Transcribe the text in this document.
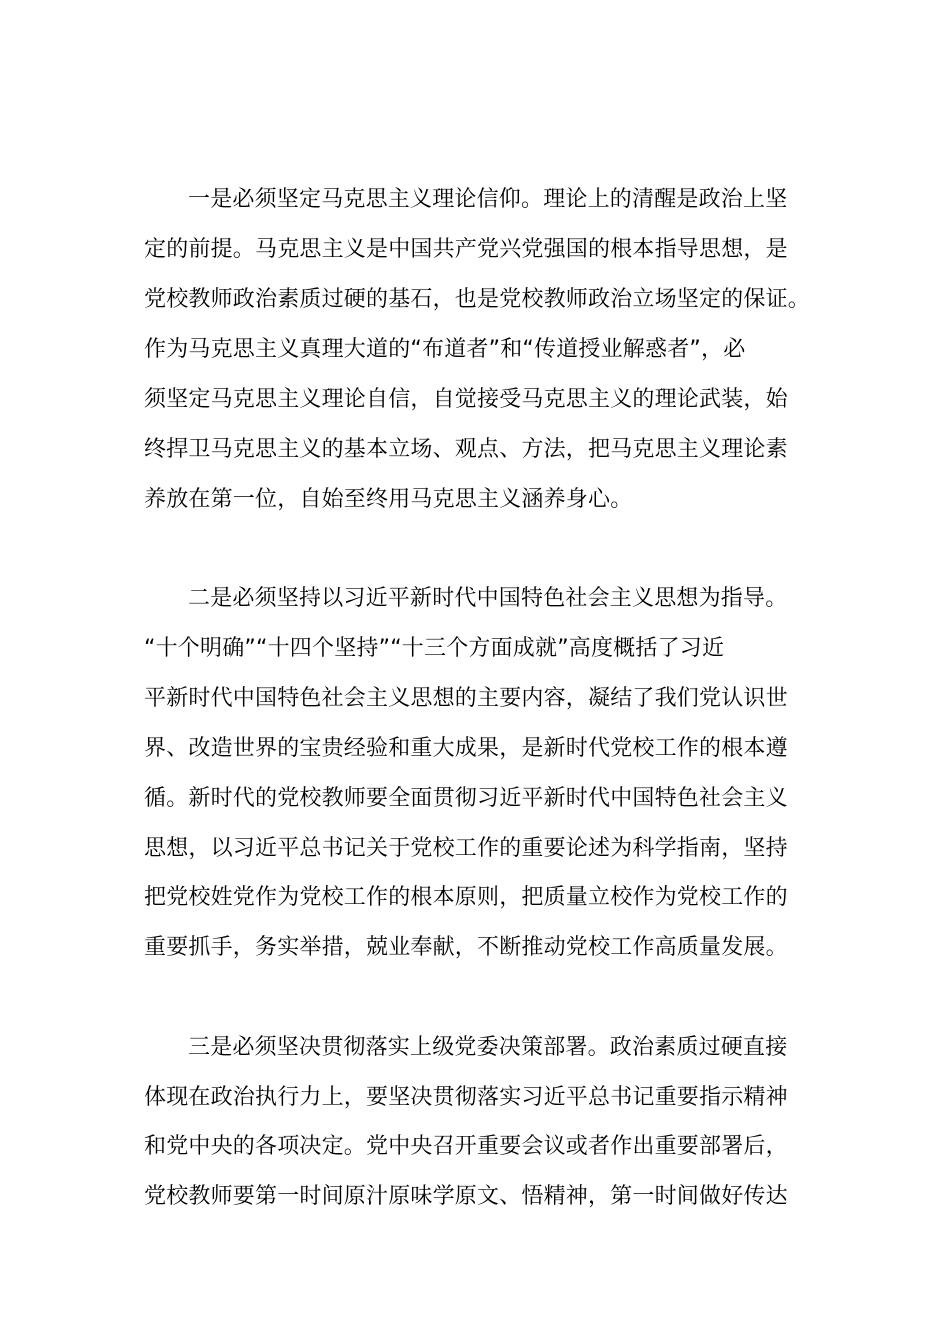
一是必须坚定马克思主义理论信仰。理论上的清醒是政治上坚
定的前提。马克思主义是中国共产党兴党强国的根本指导思想，是
党校教师政治素质过硬的基石，也是党校教师政治立场坚定的保证。
作为马克思主义真理大道的“布道者”和“传道授业解惑者”，必
须坚定马克思主义理论自信，自觉接受马克思主义的理论武装，始
终捍卫马克思主义的基本立场、观点、方法，把马克思主义理论素
养放在第一位，自始至终用马克思主义涵养身心。
二是必须坚持以习近平新时代中国特色社会主义思想为指导。
“十个明确”“十四个坚持”“十三个方面成就”高度概括了习近
平新时代中国特色社会主义思想的主要内容，凝结了我们党认识世
界、改造世界的宝贵经验和重大成果，是新时代党校工作的根本遵
循。新时代的党校教师要全面贯彻习近平新时代中国特色社会主义
思想，以习近平总书记关于党校工作的重要论述为科学指南，坚持
把党校姓党作为党校工作的根本原则，把质量立校作为党校工作的
重要抓手，务实举措，兢业奉献，不断推动党校工作高质量发展。
三是必须坚决贯彻落实上级党委决策部署。政治素质过硬直接
体现在政治执行力上，要坚决贯彻落实习近平总书记重要指示精神
和党中央的各项决定。党中央召开重要会议或者作出重要部署后，
党校教师要第一时间原汁原味学原文、悟精神，第一时间做好传达
